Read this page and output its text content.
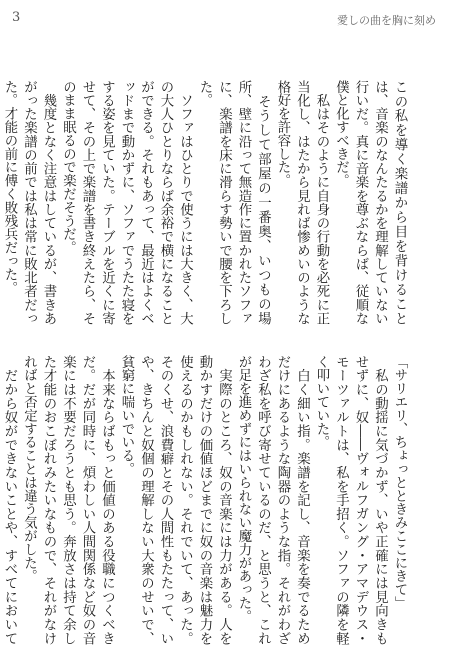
3	愛しの曲を胸に刻め

この私を導く楽譜から目を背けることは、音楽のなんたるかを理解していない行いだ。真に音楽を尊ぶならば、従順な僕と化すべきだ。
　私はそのように自身の行動を必死に正当化し、はたから見れば惨めいのような格好を許容した。
　そうして部屋の一番奥、いつもの場所、壁に沿って無造作に置かれたソファに、楽譜を床に滑らす勢いで腰を下ろした。
　ソファはひとりで使うには大きく、大の大人ひとりならば余裕で横になることができる。それもあって、最近はよくベッドまで動かずに、ソファでうたた寝をする姿を見ていた。テーブルを近くに寄せて、その上で楽譜を書き終えたら、そのまま眠るので楽だそうだ。
　幾度となく注意はしているが、書きあがった楽譜の前では私は常に敗北者だった。才能の前に傅く敗残兵だった。

「サリエリ、ちょっとときみここにきて」
　私の動揺に気づかず、いや正確には見向きもせずに、奴――ヴォルフガング・アマデウス・モーツァルトは、私を手招く。ソファの隣を軽く叩いていた。
　白く細い指。楽譜を記し、音楽を奏でるためだけにあるような陶器のような指。それがわざわざ私を呼び寄せているのだ、と思うと、これが足を進めずにはいられない魔力があった。
　実際のところ、奴の音楽には力がある。人を動かすだけの価値ほどまでに奴の音楽は魅力を使えるのかもしれない。それでいて、あった。そのくせ、浪費癖とその人間性もたたって、いや、きちんと奴個の理解しない大衆のせいで、貧窮に喘いでいる。
　本来ならばもっと価値のある役職につくべきだ。だが同時に、煩わしい人間関係など奴の音楽には不要だろうとも思う。奔放さは持て余した才能のおこぼれみたいなもので、それがなければと否定することは違う気がした。
　だから奴ができないことや、すべてにおいて
